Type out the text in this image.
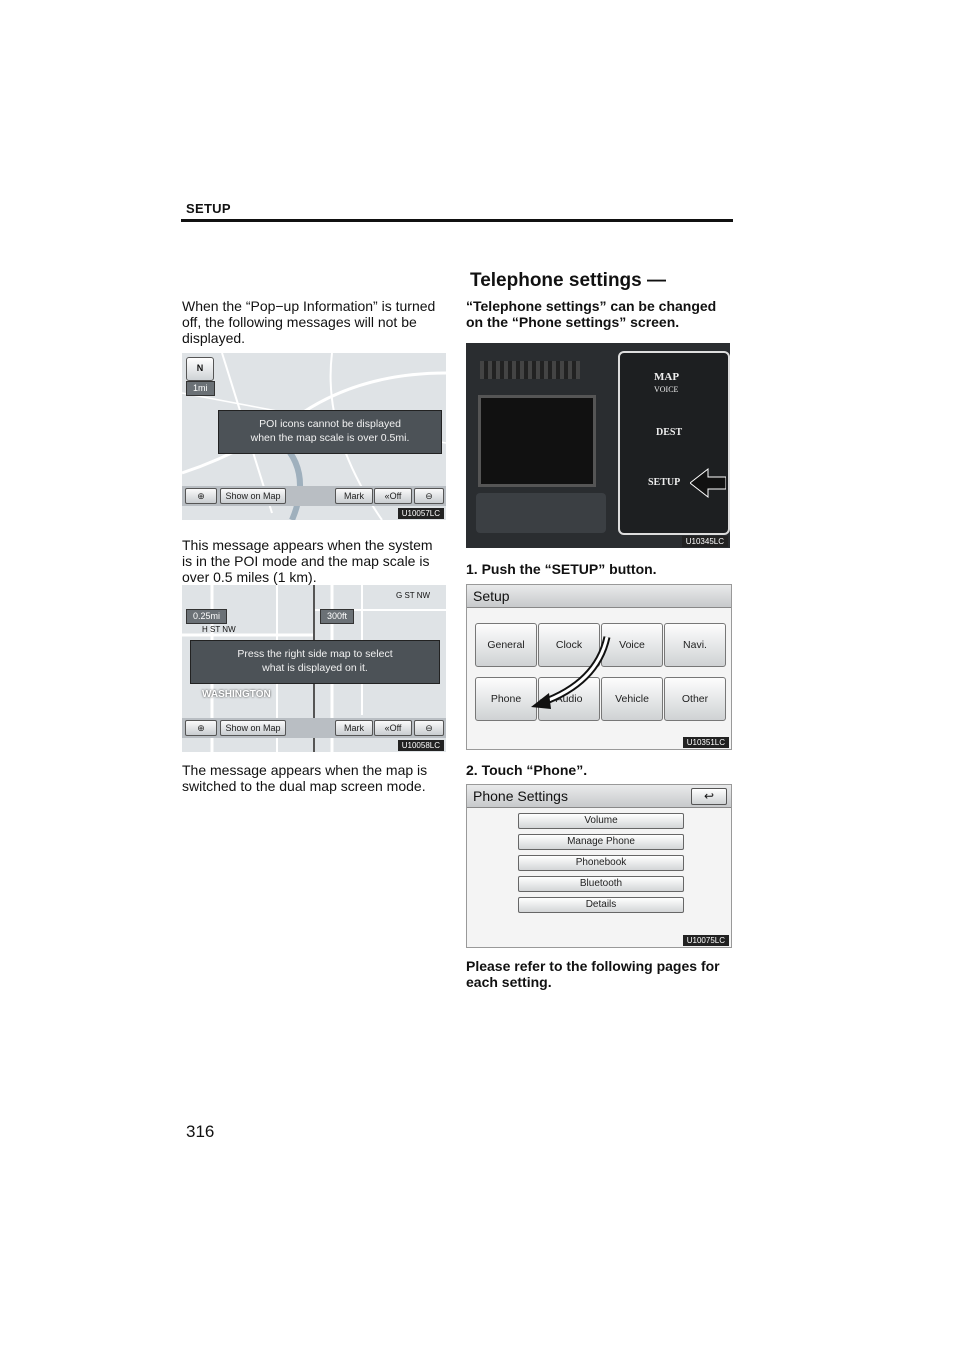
SETUP
Telephone settings —
When the “Pop−up Information” is turned off, the following messages will not be displayed.
N
1mi
POI icons cannot be displayed
when the map scale is over 0.5mi.
⊕	Show on Map	Mark	«Off	⊖
U10057LC
This message appears when the system is in the POI mode and the map scale is over 0.5 miles (1 km).
0.25mi	300ft
H ST NW
G ST NW
WASHINGTON
Press the right side map to select
what is displayed on it.
⊕	Show on Map	Mark	«Off	⊖
U10058LC
The message appears when the map is switched to the dual map screen mode.
“Telephone settings” can be changed on the “Phone settings” screen.
MAP
VOICE
DEST
SETUP
U10345LC
1. Push the “SETUP” button.
Setup
General	Clock	Voice	Navi.
Phone	Audio	Vehicle	Other
U10351LC
2. Touch “Phone”.
Phone Settings	↩
Volume
Manage Phone
Phonebook
Bluetooth
Details
U10075LC
Please refer to the following pages for each setting.
316
